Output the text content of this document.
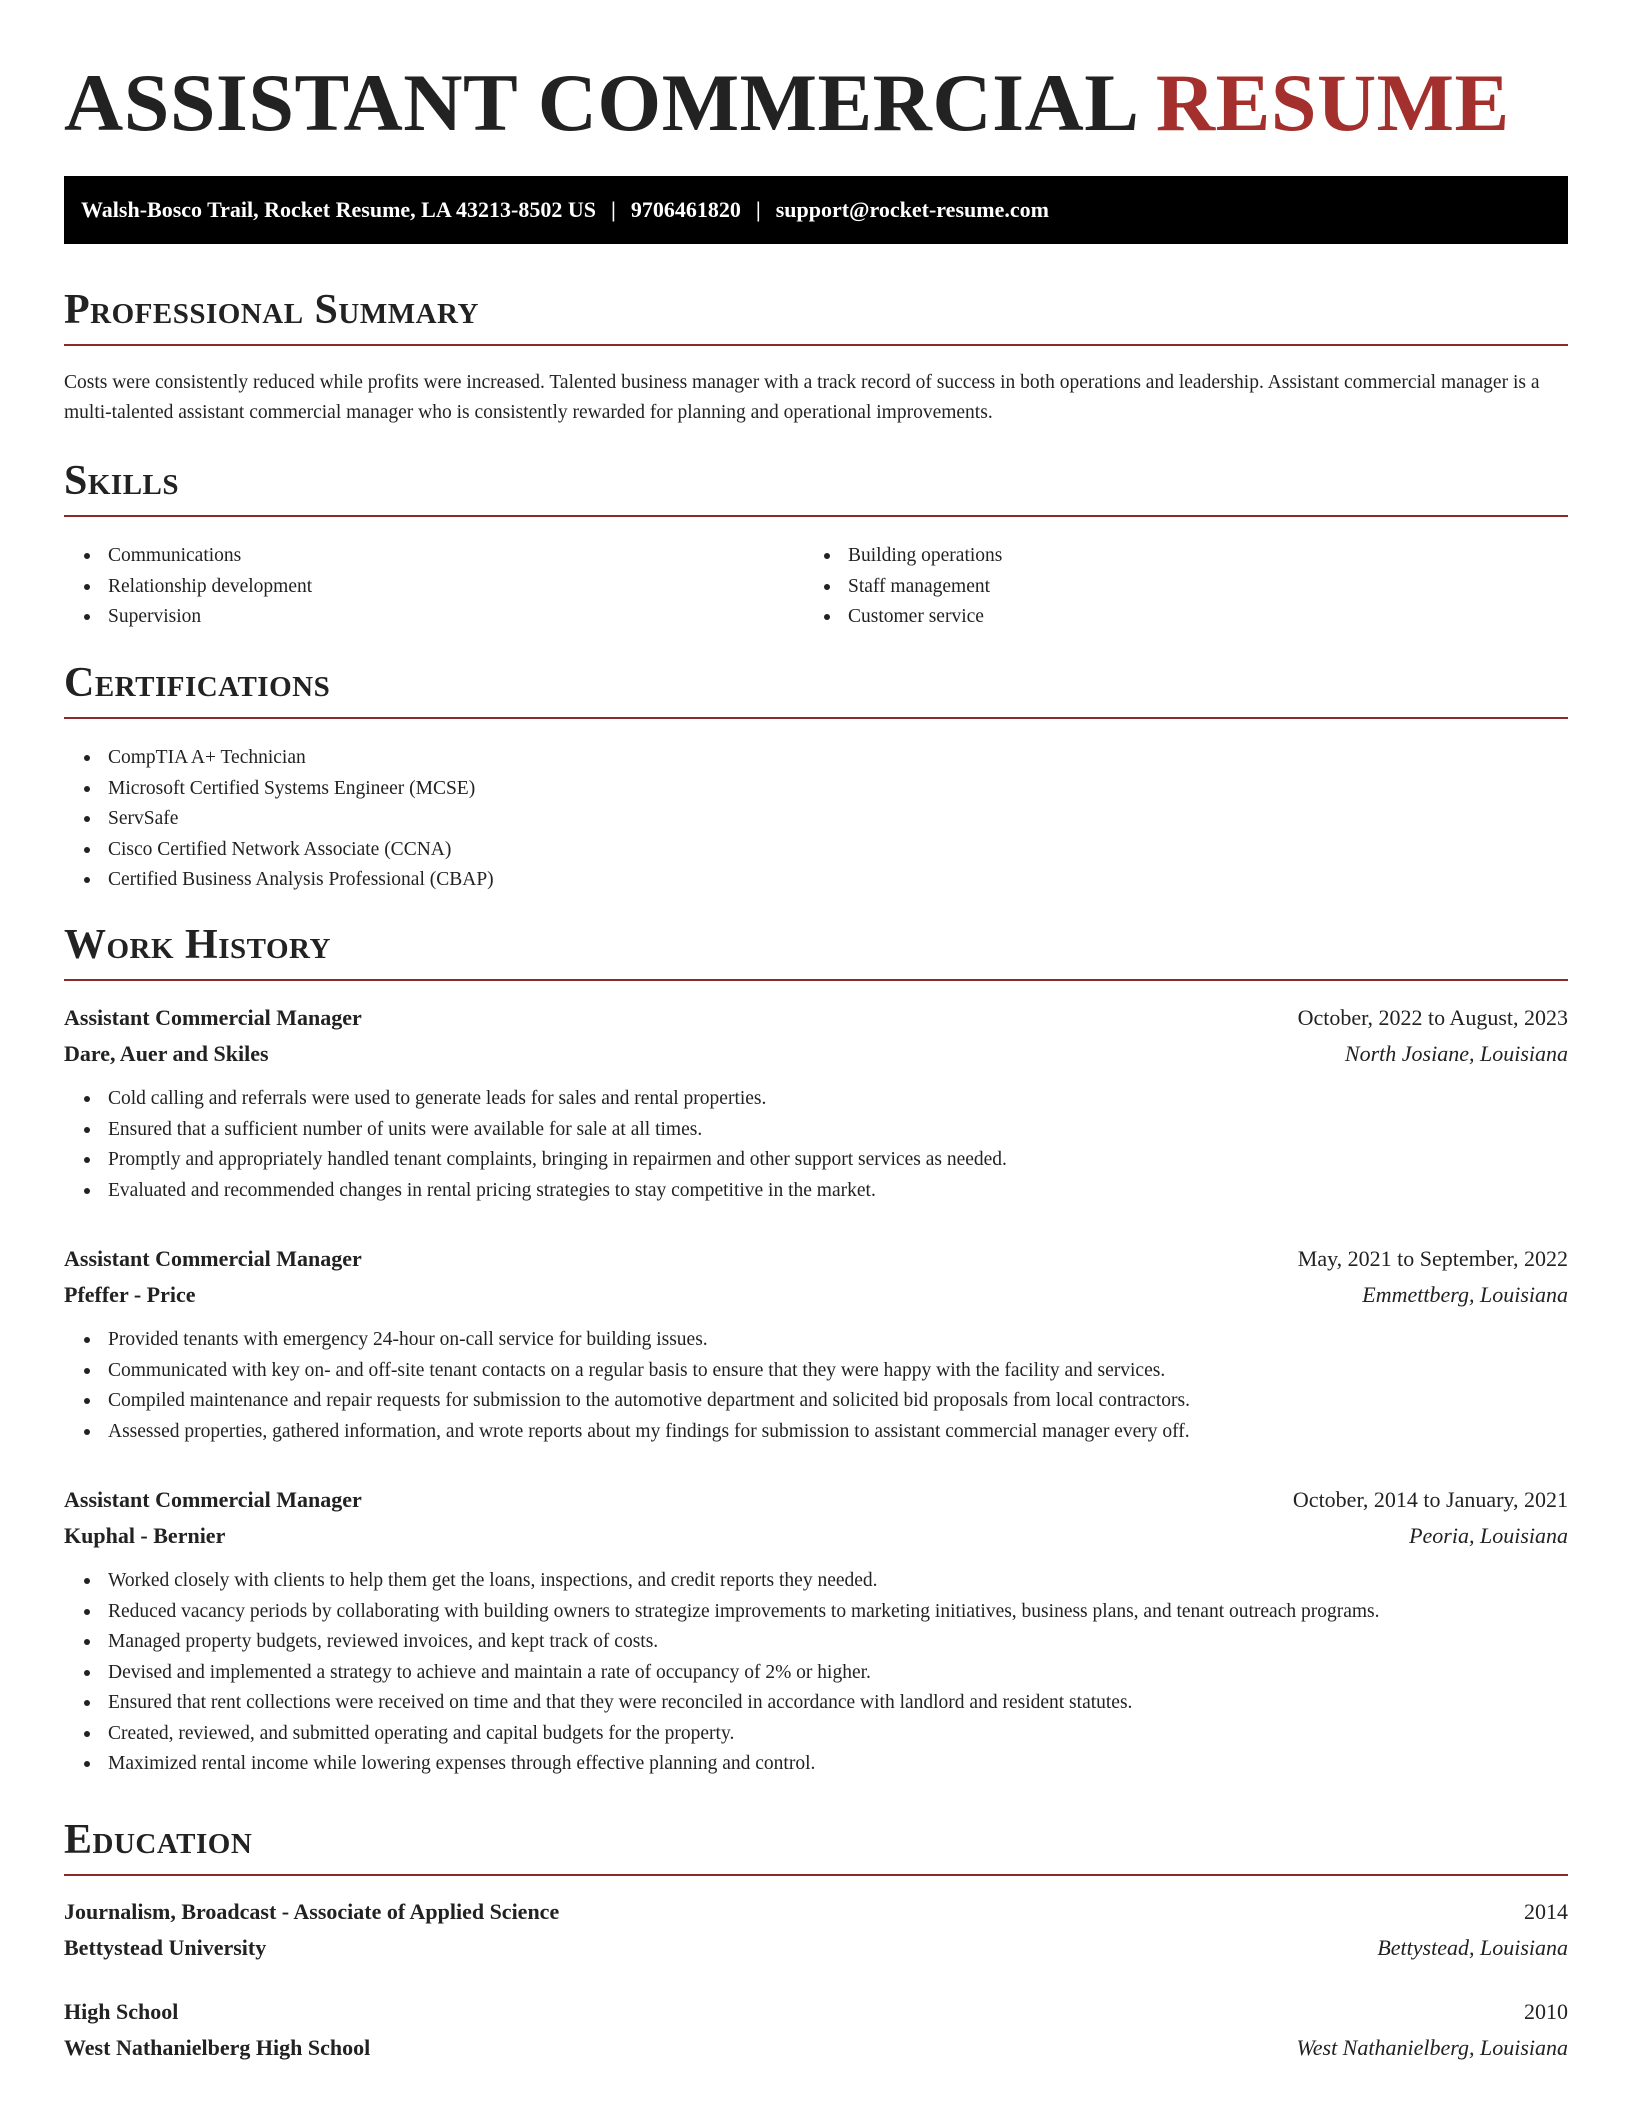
ASSISTANT COMMERCIAL RESUME
Walsh-Bosco Trail, Rocket Resume, LA 43213-8502 US | 9706461820 | support@rocket-resume.com
Professional Summary

Costs were consistently reduced while profits were increased. Talented business manager with a track record of success in both operations and leadership. Assistant commercial manager is a multi-talented assistant commercial manager who is consistently rewarded for planning and operational improvements.

Skills
Communications
Relationship development
Supervision
Building operations
Staff management
Customer service
Certifications
CompTIA A+ Technician
Microsoft Certified Systems Engineer (MCSE)
ServSafe
Cisco Certified Network Associate (CCNA)
Certified Business Analysis Professional (CBAP)
Work History
Assistant Commercial Manager	October, 2022 to August, 2023
Dare, Auer and Skiles	North Josiane, Louisiana
Cold calling and referrals were used to generate leads for sales and rental properties.
Ensured that a sufficient number of units were available for sale at all times.
Promptly and appropriately handled tenant complaints, bringing in repairmen and other support services as needed.
Evaluated and recommended changes in rental pricing strategies to stay competitive in the market.
Assistant Commercial Manager	May, 2021 to September, 2022
Pfeffer - Price	Emmettberg, Louisiana
Provided tenants with emergency 24-hour on-call service for building issues.
Communicated with key on- and off-site tenant contacts on a regular basis to ensure that they were happy with the facility and services.
Compiled maintenance and repair requests for submission to the automotive department and solicited bid proposals from local contractors.
Assessed properties, gathered information, and wrote reports about my findings for submission to assistant commercial manager every off.
Assistant Commercial Manager	October, 2014 to January, 2021
Kuphal - Bernier	Peoria, Louisiana
Worked closely with clients to help them get the loans, inspections, and credit reports they needed.
Reduced vacancy periods by collaborating with building owners to strategize improvements to marketing initiatives, business plans, and tenant outreach programs.
Managed property budgets, reviewed invoices, and kept track of costs.
Devised and implemented a strategy to achieve and maintain a rate of occupancy of 2% or higher.
Ensured that rent collections were received on time and that they were reconciled in accordance with landlord and resident statutes.
Created, reviewed, and submitted operating and capital budgets for the property.
Maximized rental income while lowering expenses through effective planning and control.
Education
Journalism, Broadcast - Associate of Applied Science	2014
Bettystead University	Bettystead, Louisiana
High School	2010
West Nathanielberg High School	West Nathanielberg, Louisiana
